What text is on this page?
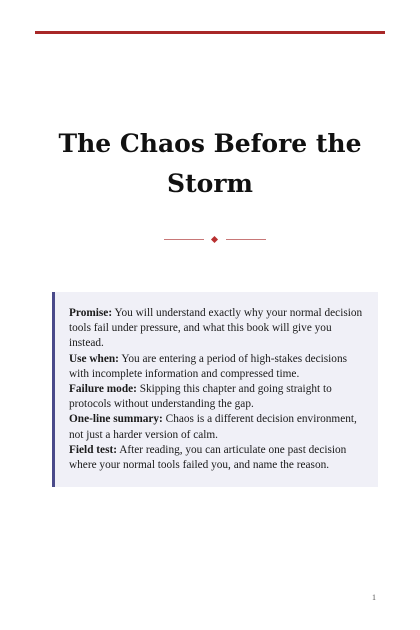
The Chaos Before the Storm

Promise: You will understand exactly why your normal decision tools fail under pressure, and what this book will give you instead.

Use when: You are entering a period of high-stakes decisions with incomplete information and compressed time.

Failure mode: Skipping this chapter and going straight to protocols without understanding the gap.

One-line summary: Chaos is a different decision environment, not just a harder version of calm.

Field test: After reading, you can articulate one past decision where your normal tools failed you, and name the reason.

1
